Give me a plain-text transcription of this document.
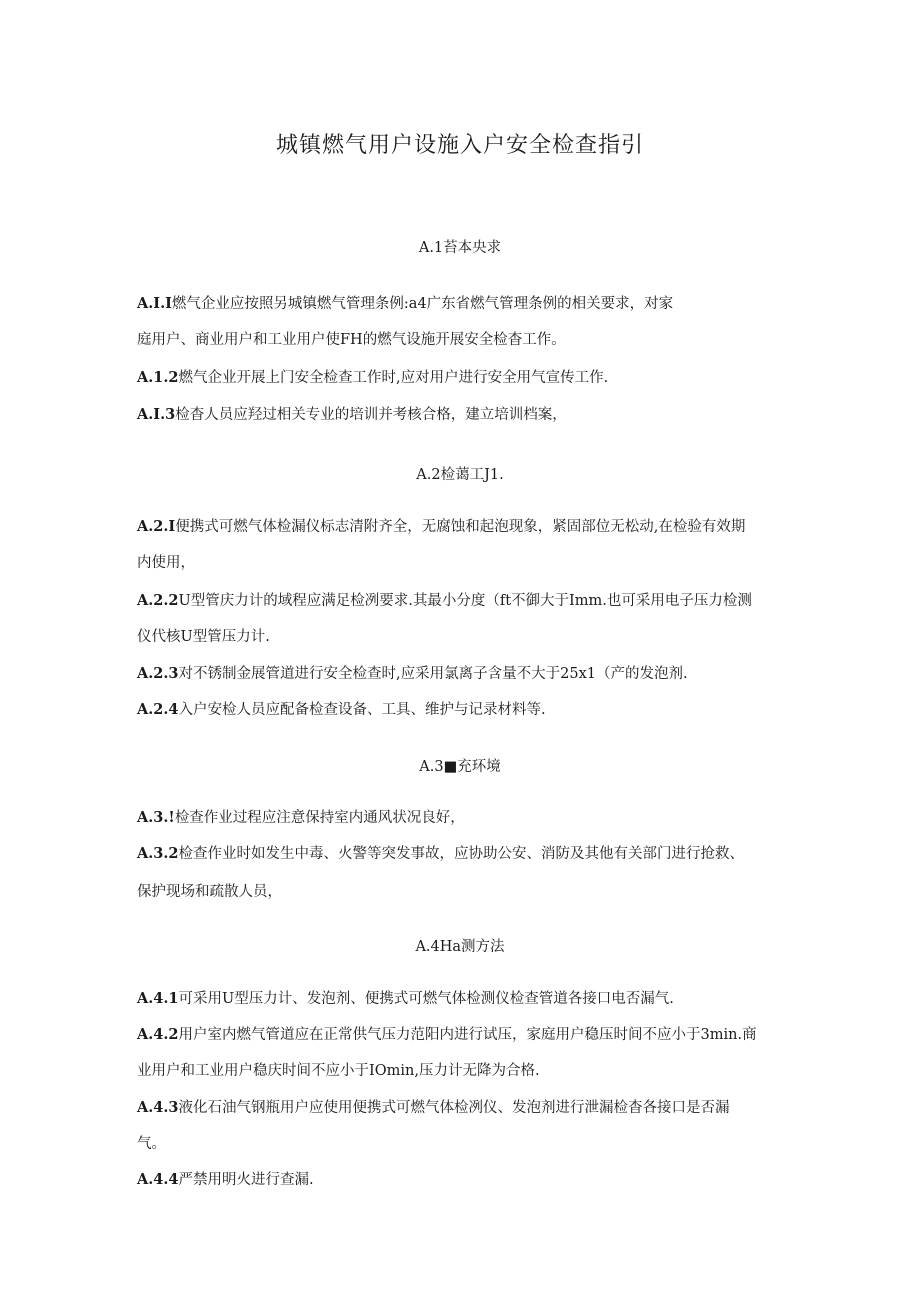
城镇燃气用户设施入户安全检查指引
A.1苔本央求

A.I.I燃气企业应按照另城镇燃气管理条例:a4广东省燃气管理条例的相关要求，对家

庭用户、商业用户和工业用户使FH的燃气设施开展安全检杳工作。

A.1.2燃气企业开展上门安全检查工作时,应对用户进行安全用气宣传工作.

A.I.3检杳人员应羟过相关专业的培训并考核合格，建立培训档案，

A.2检蔼工J1.

A.2.I便携式可燃气体检漏仪标志清附齐全，无腐蚀和起泡现象，紧固部位无松动,在检验有效期

内使用，

A.2.2U型管庆力计的域程应满足检冽要求.其最小分度（ft不御大于Imm.也可采用电子压力检测

仪代核U型管压力计.

A.2.3对不锈制金展管道进行安全检查时,应采用氯离子含量不大于25x1（产的发泡剂.

A.2.4入户安检人员应配备检查设备、工具、维护与记录材料等.

A.3■充环境

A.3.!检查作业过程应注意保持室内通风状况良好，

A.3.2检查作业时如发生中毒、火警等突发事故，应协助公安、消防及其他有关部门进行抢救、

保护现场和疏散人员，

A.4Ha测方法

A.4.1可采用U型压力计、发泡剂、便携式可燃气体检测仪检查管道各接口电否漏气.

A.4.2用户室内燃气管道应在正常供气压力范阳内进行试压，家庭用户稳压时间不应小于3min.商

业用户和工业用户稳庆时间不应小于IOmin,压力计无降为合格.

A.4.3液化石油气钢瓶用户应使用便携式可燃气体检冽仪、发泡剂进行泄漏检杳各接口是否漏

气。

A.4.4严禁用明火进行查漏.
